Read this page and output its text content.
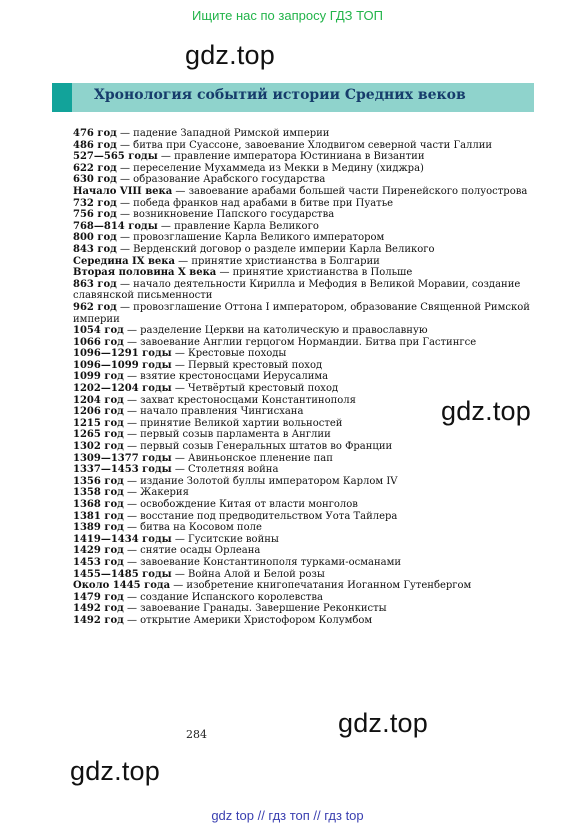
Ищите нас по запросу ГДЗ ТОП
gdz.top
Хронология событий истории Средних веков

476 год — падение Западной Римской империи

486 год — битва при Суассоне, завоевание Хлодвигом северной части Галлии

527—565 годы — правление императора Юстиниана в Византии

622 год — переселение Мухаммеда из Мекки в Медину (хиджра)

630 год — образование Арабского государства

Начало VIII века — завоевание арабами большей части Пиренейского полуострова

732 год — победа франков над арабами в битве при Пуатье

756 год — возникновение Папского государства

768—814 годы — правление Карла Великого

800 год — провозглашение Карла Великого императором

843 год — Верденский договор о разделе империи Карла Великого

Середина IX века — принятие христианства в Болгарии

Вторая половина X века — принятие христианства в Польше

863 год — начало деятельности Кирилла и Мефодия в Великой Моравии, создание славянской письменности

962 год — провозглашение Оттона I императором, образование Священной Римской империи

1054 год — разделение Церкви на католическую и православную

1066 год — завоевание Англии герцогом Нормандии. Битва при Гастингсе

1096—1291 годы — Крестовые походы

1096—1099 годы — Первый крестовый поход

1099 год — взятие крестоносцами Иерусалима

1202—1204 годы — Четвёртый крестовый поход

1204 год — захват крестоносцами Константинополя

1206 год — начало правления Чингисхана

1215 год — принятие Великой хартии вольностей

1265 год — первый созыв парламента в Англии

1302 год — первый созыв Генеральных штатов во Франции

1309—1377 годы — Авиньонское пленение пап

1337—1453 годы — Столетняя война

1356 год — издание Золотой буллы императором Карлом IV

1358 год — Жакерия

1368 год — освобождение Китая от власти монголов

1381 год — восстание под предводительством Уота Тайлера

1389 год — битва на Косовом поле

1419—1434 годы — Гуситские войны

1429 год — снятие осады Орлеана

1453 год — завоевание Константинополя турками-османами

1455—1485 годы — Война Алой и Белой розы

Около 1445 года — изобретение книгопечатания Иоганном Гутенбергом

1479 год — создание Испанского королевства

1492 год — завоевание Гранады. Завершение Реконкисты

1492 год — открытие Америки Христофором Колумбом

gdz.top
gdz.top
gdz.top
284
gdz top // гдз топ // гдз top
